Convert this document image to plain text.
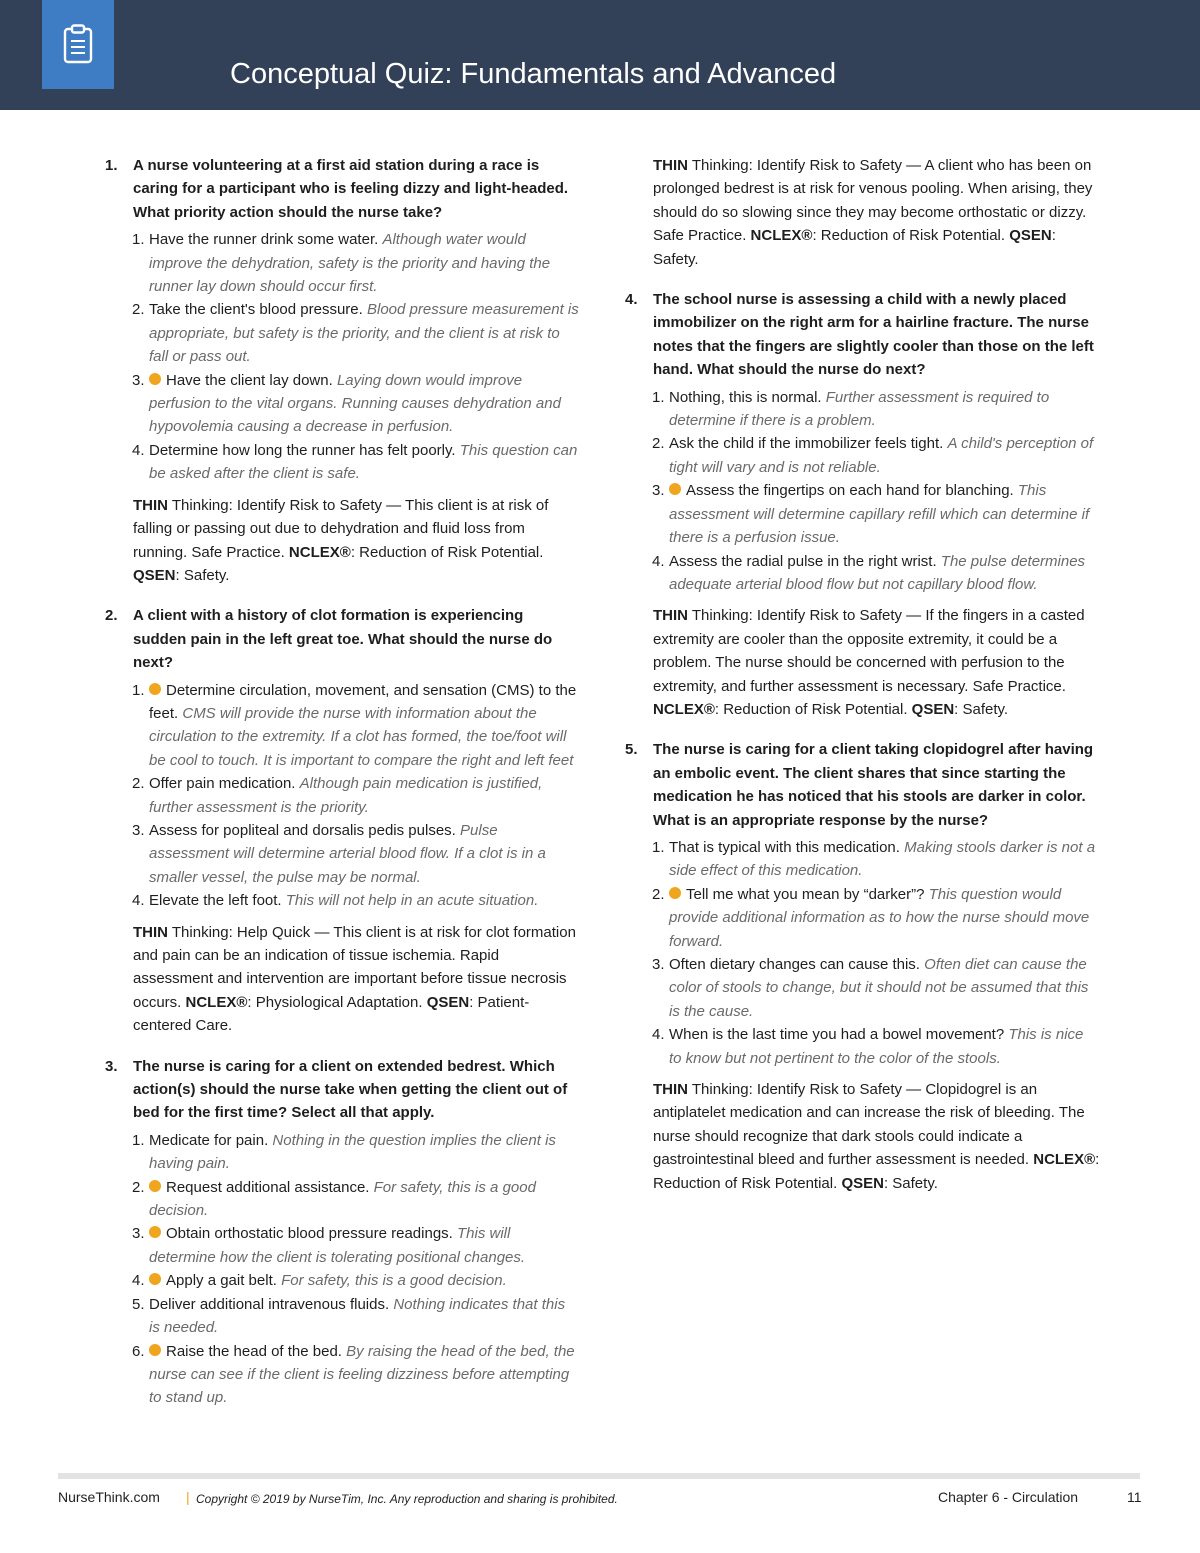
Conceptual Quiz: Fundamentals and Advanced
1. A nurse volunteering at a first aid station during a race is caring for a participant who is feeling dizzy and light-headed. What priority action should the nurse take?
1. Have the runner drink some water. Although water would improve the dehydration, safety is the priority and having the runner lay down should occur first.
2. Take the client's blood pressure. Blood pressure measurement is appropriate, but safety is the priority, and the client is at risk to fall or pass out.
3. Have the client lay down. Laying down would improve perfusion to the vital organs. Running causes dehydration and hypovolemia causing a decrease in perfusion.
4. Determine how long the runner has felt poorly. This question can be asked after the client is safe.
THIN Thinking: Identify Risk to Safety — This client is at risk of falling or passing out due to dehydration and fluid loss from running. Safe Practice. NCLEX®: Reduction of Risk Potential. QSEN: Safety.
2. A client with a history of clot formation is experiencing sudden pain in the left great toe. What should the nurse do next?
1. Determine circulation, movement, and sensation (CMS) to the feet. CMS will provide the nurse with information about the circulation to the extremity. If a clot has formed, the toe/foot will be cool to touch. It is important to compare the right and left feet
2. Offer pain medication. Although pain medication is justified, further assessment is the priority.
3. Assess for popliteal and dorsalis pedis pulses. Pulse assessment will determine arterial blood flow. If a clot is in a smaller vessel, the pulse may be normal.
4. Elevate the left foot. This will not help in an acute situation.
THIN Thinking: Help Quick — This client is at risk for clot formation and pain can be an indication of tissue ischemia. Rapid assessment and intervention are important before tissue necrosis occurs. NCLEX®: Physiological Adaptation. QSEN: Patient-centered Care.
3. The nurse is caring for a client on extended bedrest. Which action(s) should the nurse take when getting the client out of bed for the first time? Select all that apply.
1. Medicate for pain. Nothing in the question implies the client is having pain.
2. Request additional assistance. For safety, this is a good decision.
3. Obtain orthostatic blood pressure readings. This will determine how the client is tolerating positional changes.
4. Apply a gait belt. For safety, this is a good decision.
5. Deliver additional intravenous fluids. Nothing indicates that this is needed.
6. Raise the head of the bed. By raising the head of the bed, the nurse can see if the client is feeling dizziness before attempting to stand up.
THIN Thinking: Identify Risk to Safety — A client who has been on prolonged bedrest is at risk for venous pooling. When arising, they should do so slowing since they may become orthostatic or dizzy. Safe Practice. NCLEX®: Reduction of Risk Potential. QSEN: Safety.
4. The school nurse is assessing a child with a newly placed immobilizer on the right arm for a hairline fracture. The nurse notes that the fingers are slightly cooler than those on the left hand. What should the nurse do next?
1. Nothing, this is normal. Further assessment is required to determine if there is a problem.
2. Ask the child if the immobilizer feels tight. A child's perception of tight will vary and is not reliable.
3. Assess the fingertips on each hand for blanching. This assessment will determine capillary refill which can determine if there is a perfusion issue.
4. Assess the radial pulse in the right wrist. The pulse determines adequate arterial blood flow but not capillary blood flow.
THIN Thinking: Identify Risk to Safety — If the fingers in a casted extremity are cooler than the opposite extremity, it could be a problem. The nurse should be concerned with perfusion to the extremity, and further assessment is necessary. Safe Practice. NCLEX®: Reduction of Risk Potential. QSEN: Safety.
5. The nurse is caring for a client taking clopidogrel after having an embolic event. The client shares that since starting the medication he has noticed that his stools are darker in color. What is an appropriate response by the nurse?
1. That is typical with this medication. Making stools darker is not a side effect of this medication.
2. Tell me what you mean by “darker”? This question would provide additional information as to how the nurse should move forward.
3. Often dietary changes can cause this. Often diet can cause the color of stools to change, but it should not be assumed that this is the cause.
4. When is the last time you had a bowel movement? This is nice to know but not pertinent to the color of the stools.
THIN Thinking: Identify Risk to Safety — Clopidogrel is an antiplatelet medication and can increase the risk of bleeding. The nurse should recognize that dark stools could indicate a gastrointestinal bleed and further assessment is needed. NCLEX®: Reduction of Risk Potential. QSEN: Safety.
NurseThink.com | Copyright © 2019 by NurseTim, Inc. Any reproduction and sharing is prohibited.	Chapter 6 - Circulation	11
